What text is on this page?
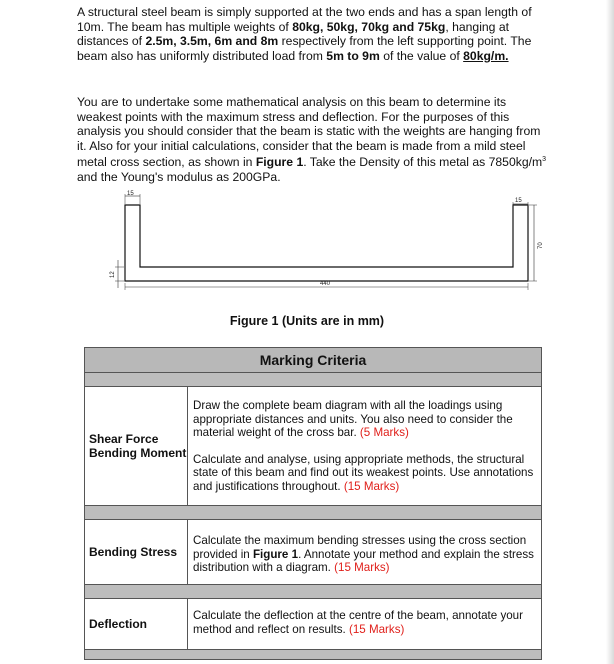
A structural steel beam is simply supported at the two ends and has a span length of 10m. The beam has multiple weights of 80kg, 50kg, 70kg and 75kg, hanging at distances of 2.5m, 3.5m, 6m and 8m respectively from the left supporting point. The beam also has uniformly distributed load from 5m to 9m of the value of 80kg/m.

You are to undertake some mathematical analysis on this beam to determine its weakest points with the maximum stress and deflection. For the purposes of this analysis you should consider that the beam is static with the weights are hanging from it. Also for your initial calculations, consider that the beam is made from a mild steel metal cross section, as shown in Figure 1. Take the Density of this metal as $7850kg/m^3$ and the Young's modulus as 200GPa.

15
15
70
12
440

Figure 1 (Units are in mm)

Marking Criteria	

Shear Force Bending Moment	Draw the complete beam diagram with all the loadings using appropriate distances and units. You also need to consider the material weight of the cross bar. (5 Marks)
Calculate and analyse, using appropriate methods, the structural state of this beam and find out its weakest points. Use annotations and justifications throughout. (15 Marks)

Bending Stress	Calculate the maximum bending stresses using the cross section provided in Figure 1. Annotate your method and explain the stress distribution with a diagram. (15 Marks)

Deflection	Calculate the deflection at the centre of the beam, annotate your method and reflect on results. (15 Marks)
